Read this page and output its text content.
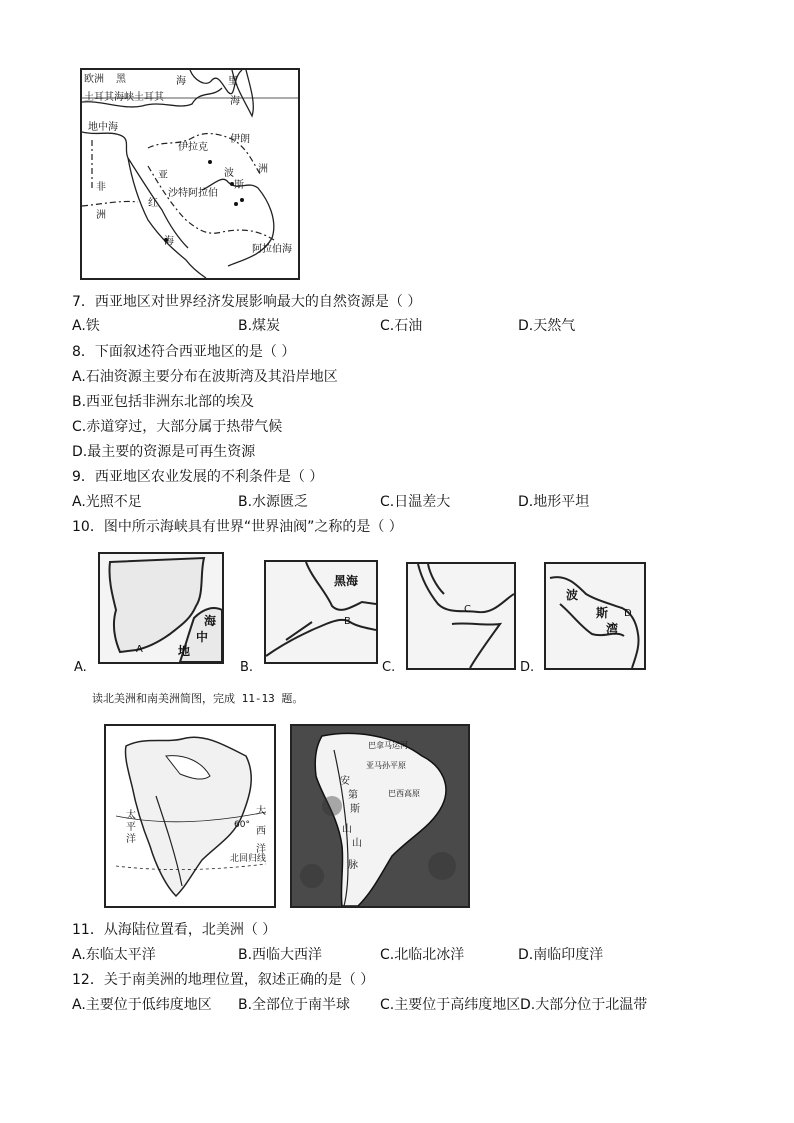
欧洲 黑	海	里
海
土耳其海峡土耳其
地中海
伊拉克
伊朗
非
洲
亚
红
海
波
斯
洲
沙特阿拉伯
阿拉伯海
7．西亚地区对世界经济发展影响最大的自然资源是（ ）
A.铁	B.煤炭	C.石油	D.天然气
8．下面叙述符合西亚地区的是（ ）
A.石油资源主要分布在波斯湾及其沿岸地区
B.西亚包括非洲东北部的埃及
C.赤道穿过，大部分属于热带气候
D.最主要的资源是可再生资源
9．西亚地区农业发展的不利条件是（ ）
A.光照不足	B.水源匮乏	C.日温差大	D.地形平坦
10．图中所示海峡具有世界“世界油阀”之称的是（ ）
海
中
地
A
A.
黑海
B
B.
C
C.
波
斯
湾
D
D.
读北美洲和南美洲简图，完成 11-13 题。
太
平
洋
大
西
洋
60°
北回归线
巴拿马运河
安
第
斯
山
脉
亚马孙平原
巴西高原
山
11．从海陆位置看，北美洲（ ）
A.东临太平洋	B.西临大西洋	C.北临北冰洋	D.南临印度洋
12．关于南美洲的地理位置，叙述正确的是（ ）
A.主要位于低纬度地区 B.全部位于南半球 C.主要位于高纬度地区 D.大部分位于北温带
